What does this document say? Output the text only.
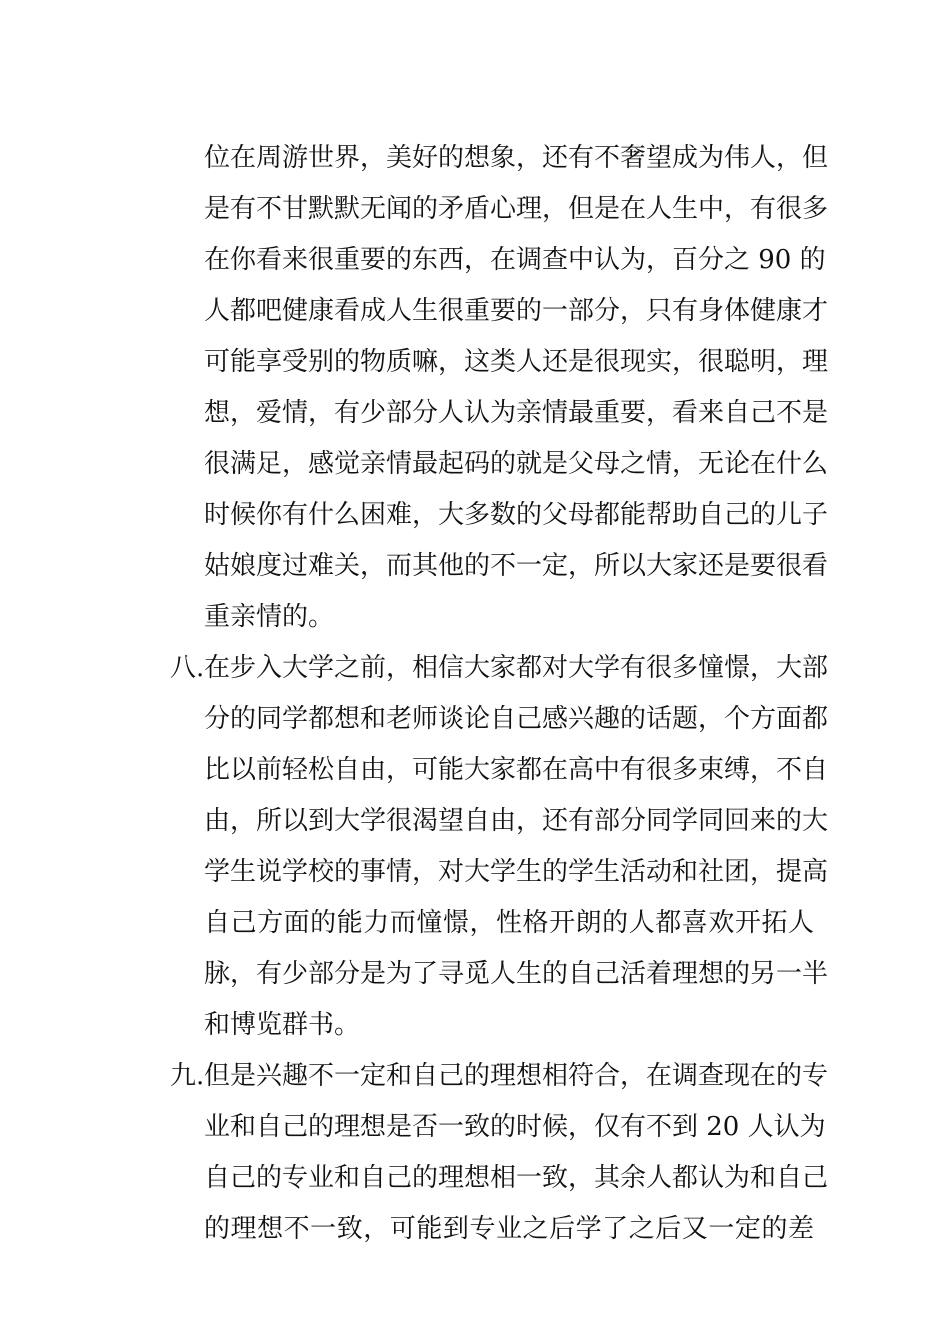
位在周游世界，美好的想象，还有不奢望成为伟人，但
是有不甘默默无闻的矛盾心理，但是在人生中，有很多
在你看来很重要的东西，在调查中认为，百分之 90 的
人都吧健康看成人生很重要的一部分，只有身体健康才
可能享受别的物质嘛，这类人还是很现实，很聪明，理
想，爱情，有少部分人认为亲情最重要，看来自己不是
很满足，感觉亲情最起码的就是父母之情，无论在什么
时候你有什么困难，大多数的父母都能帮助自己的儿子
姑娘度过难关，而其他的不一定，所以大家还是要很看
重亲情的。
八. 在步入大学之前，相信大家都对大学有很多憧憬，大部
分的同学都想和老师谈论自己感兴趣的话题，个方面都
比以前轻松自由，可能大家都在高中有很多束缚，不自
由，所以到大学很渴望自由，还有部分同学同回来的大
学生说学校的事情，对大学生的学生活动和社团，提高
自己方面的能力而憧憬，性格开朗的人都喜欢开拓人
脉，有少部分是为了寻觅人生的自己活着理想的另一半
和博览群书。
九. 但是兴趣不一定和自己的理想相符合，在调查现在的专
业和自己的理想是否一致的时候，仅有不到 20 人认为
自己的专业和自己的理想相一致，其余人都认为和自己
的理想不一致，可能到专业之后学了之后又一定的差
